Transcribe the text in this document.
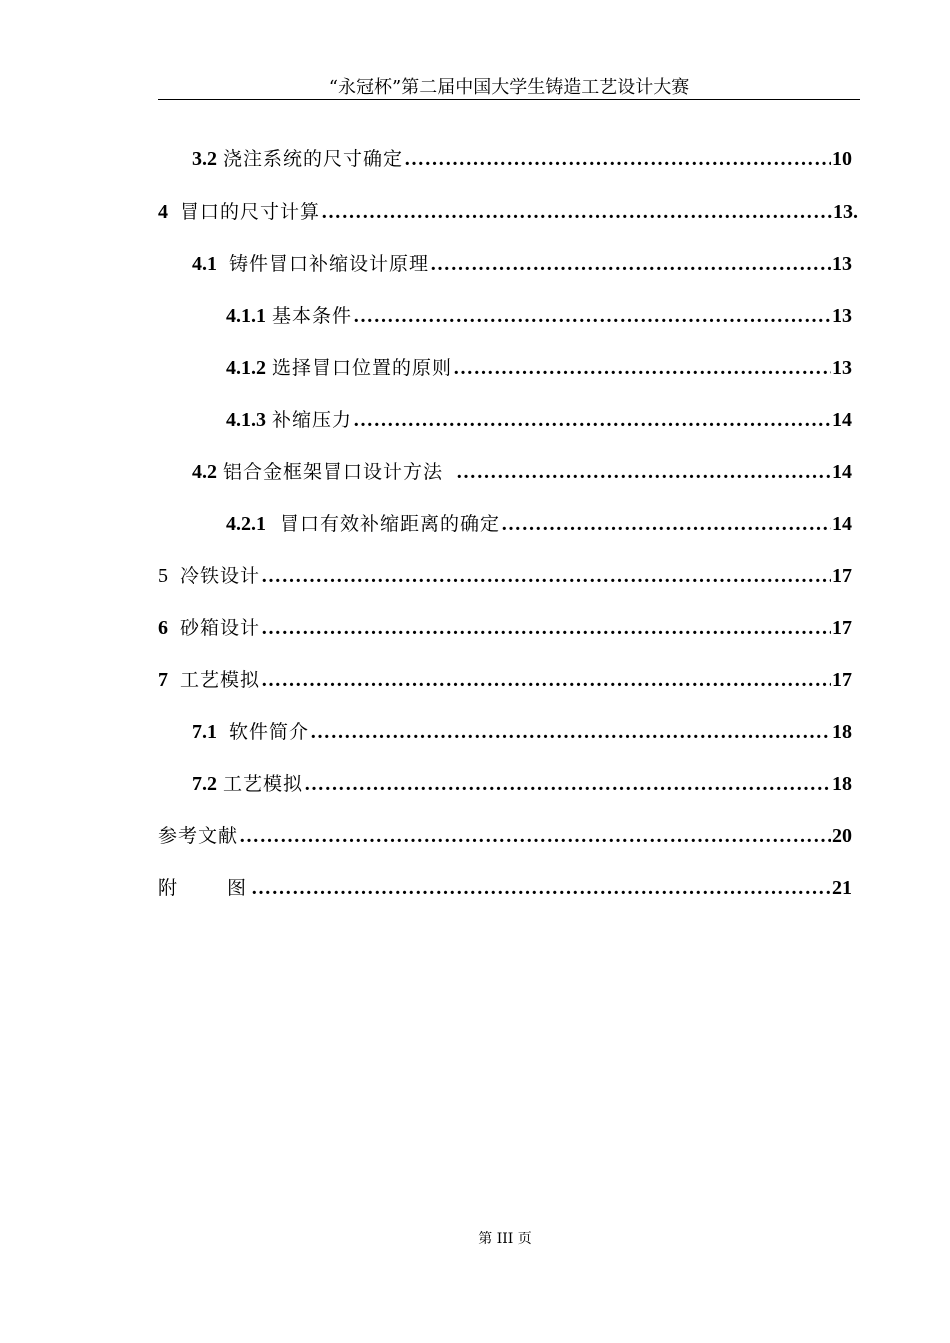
“永冠杯”第二届中国大学生铸造工艺设计大赛
3.2 浇注系统的尺寸确定 …………………………………………………………………………………………………………………………………………………………	10
4 冒口的尺寸计算 …………………………………………………………………………………………………………………………………………………………	13.
4.1 铸件冒口补缩设计原理 …………………………………………………………………………………………………………………………………………………………	13
4.1.1 基本条件 …………………………………………………………………………………………………………………………………………………………	13
4.1.2 选择冒口位置的原则 …………………………………………………………………………………………………………………………………………………………	13
4.1.3 补缩压力 …………………………………………………………………………………………………………………………………………………………	14
4.2 铝合金框架冒口设计方法 …………………………………………………………………………………………………………………………………………………………	14
4.2.1 冒口有效补缩距离的确定 …………………………………………………………………………………………………………………………………………………………	14
5 冷铁设计 …………………………………………………………………………………………………………………………………………………………	17
6 砂箱设计 …………………………………………………………………………………………………………………………………………………………	17
7 工艺模拟 …………………………………………………………………………………………………………………………………………………………	17
7.1 软件简介 …………………………………………………………………………………………………………………………………………………………	18
7.2 工艺模拟 …………………………………………………………………………………………………………………………………………………………	18
参考文献 …………………………………………………………………………………………………………………………………………………………	20
附　　图 …………………………………………………………………………………………………………………………………………………………	21
第 III 页
